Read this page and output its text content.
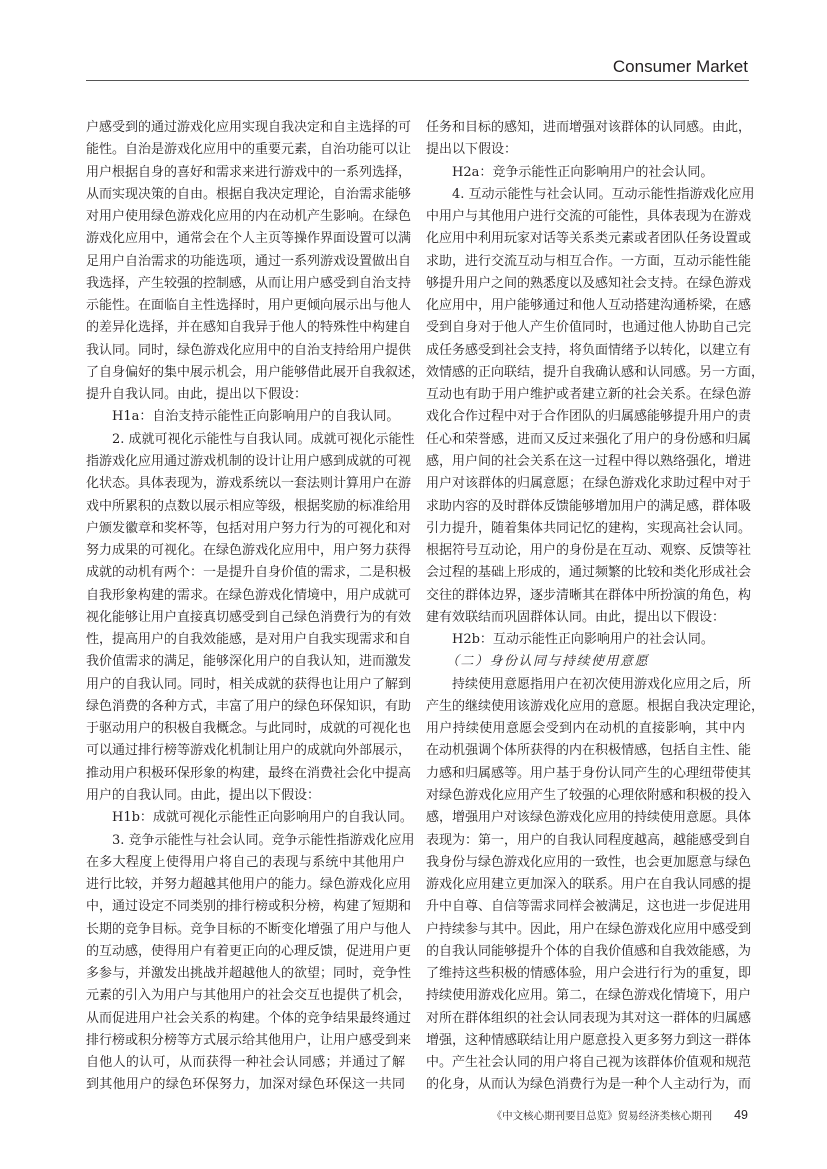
Consumer Market
户感受到的通过游戏化应用实现自我决定和自主选择的可
能性。自治是游戏化应用中的重要元素，自治功能可以让
用户根据自身的喜好和需求来进行游戏中的一系列选择，
从而实现决策的自由。根据自我决定理论，自治需求能够
对用户使用绿色游戏化应用的内在动机产生影响。在绿色
游戏化应用中，通常会在个人主页等操作界面设置可以满
足用户自治需求的功能选项，通过一系列游戏设置做出自
我选择，产生较强的控制感，从而让用户感受到自治支持
示能性。在面临自主性选择时，用户更倾向展示出与他人
的差异化选择，并在感知自我异于他人的特殊性中构建自
我认同。同时，绿色游戏化应用中的自治支持给用户提供
了自身偏好的集中展示机会，用户能够借此展开自我叙述，
提升自我认同。由此，提出以下假设：
H1a：自治支持示能性正向影响用户的自我认同。
2. 成就可视化示能性与自我认同。成就可视化示能性
指游戏化应用通过游戏机制的设计让用户感到成就的可视
化状态。具体表现为，游戏系统以一套法则计算用户在游
戏中所累积的点数以展示相应等级，根据奖励的标准给用
户颁发徽章和奖杯等，包括对用户努力行为的可视化和对
努力成果的可视化。在绿色游戏化应用中，用户努力获得
成就的动机有两个：一是提升自身价值的需求，二是积极
自我形象构建的需求。在绿色游戏化情境中，用户成就可
视化能够让用户直接真切感受到自己绿色消费行为的有效
性，提高用户的自我效能感，是对用户自我实现需求和自
我价值需求的满足，能够深化用户的自我认知，进而激发
用户的自我认同。同时，相关成就的获得也让用户了解到
绿色消费的各种方式，丰富了用户的绿色环保知识，有助
于驱动用户的积极自我概念。与此同时，成就的可视化也
可以通过排行榜等游戏化机制让用户的成就向外部展示，
推动用户积极环保形象的构建，最终在消费社会化中提高
用户的自我认同。由此，提出以下假设：
H1b：成就可视化示能性正向影响用户的自我认同。
3. 竞争示能性与社会认同。竞争示能性指游戏化应用
在多大程度上使得用户将自己的表现与系统中其他用户
进行比较，并努力超越其他用户的能力。绿色游戏化应用
中，通过设定不同类别的排行榜或积分榜，构建了短期和
长期的竞争目标。竞争目标的不断变化增强了用户与他人
的互动感，使得用户有着更正向的心理反馈，促进用户更
多参与，并激发出挑战并超越他人的欲望；同时，竞争性
元素的引入为用户与其他用户的社会交互也提供了机会，
从而促进用户社会关系的构建。个体的竞争结果最终通过
排行榜或积分榜等方式展示给其他用户，让用户感受到来
自他人的认可，从而获得一种社会认同感；并通过了解
到其他用户的绿色环保努力，加深对绿色环保这一共同
任务和目标的感知，进而增强对该群体的认同感。由此，
提出以下假设：
H2a：竞争示能性正向影响用户的社会认同。
4. 互动示能性与社会认同。互动示能性指游戏化应用
中用户与其他用户进行交流的可能性，具体表现为在游戏
化应用中利用玩家对话等关系类元素或者团队任务设置或
求助，进行交流互动与相互合作。一方面，互动示能性能
够提升用户之间的熟悉度以及感知社会支持。在绿色游戏
化应用中，用户能够通过和他人互动搭建沟通桥梁，在感
受到自身对于他人产生价值同时，也通过他人协助自己完
成任务感受到社会支持，将负面情绪予以转化，以建立有
效情感的正向联结，提升自我确认感和认同感。另一方面，
互动也有助于用户维护或者建立新的社会关系。在绿色游
戏化合作过程中对于合作团队的归属感能够提升用户的责
任心和荣誉感，进而又反过来强化了用户的身份感和归属
感，用户间的社会关系在这一过程中得以熟络强化，增进
用户对该群体的归属意愿；在绿色游戏化求助过程中对于
求助内容的及时群体反馈能够增加用户的满足感，群体吸
引力提升，随着集体共同记忆的建构，实现高社会认同。
根据符号互动论，用户的身份是在互动、观察、反馈等社
会过程的基础上形成的，通过频繁的比较和类化形成社会
交往的群体边界，逐步清晰其在群体中所扮演的角色，构
建有效联结而巩固群体认同。由此，提出以下假设：
H2b：互动示能性正向影响用户的社会认同。
（二）身份认同与持续使用意愿
持续使用意愿指用户在初次使用游戏化应用之后，所
产生的继续使用该游戏化应用的意愿。根据自我决定理论，
用户持续使用意愿会受到内在动机的直接影响，其中内
在动机强调个体所获得的内在积极情感，包括自主性、能
力感和归属感等。用户基于身份认同产生的心理纽带使其
对绿色游戏化应用产生了较强的心理依附感和积极的投入
感，增强用户对该绿色游戏化应用的持续使用意愿。具体
表现为：第一，用户的自我认同程度越高，越能感受到自
我身份与绿色游戏化应用的一致性，也会更加愿意与绿色
游戏化应用建立更加深入的联系。用户在自我认同感的提
升中自尊、自信等需求同样会被满足，这也进一步促进用
户持续参与其中。因此，用户在绿色游戏化应用中感受到
的自我认同能够提升个体的自我价值感和自我效能感，为
了维持这些积极的情感体验，用户会进行行为的重复，即
持续使用游戏化应用。第二，在绿色游戏化情境下，用户
对所在群体组织的社会认同表现为其对这一群体的归属感
增强，这种情感联结让用户愿意投入更多努力到这一群体
中。产生社会认同的用户将自己视为该群体价值观和规范
的化身，从而认为绿色消费行为是一种个人主动行为，而
《中文核心期刊要目总览》贸易经济类核心期刊 49
